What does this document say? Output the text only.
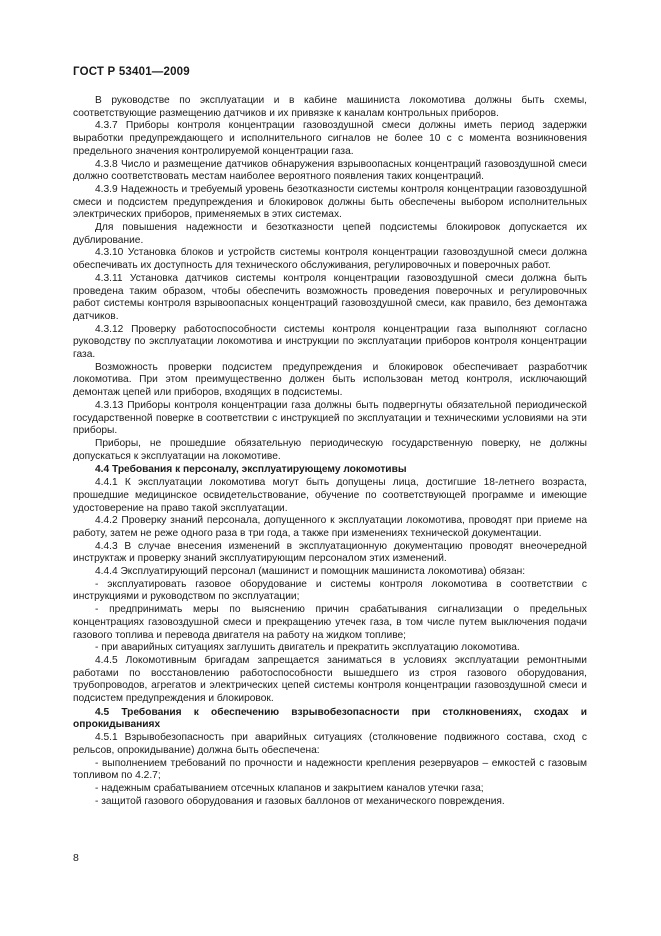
ГОСТ Р 53401—2009

В руководстве по эксплуатации и в кабине машиниста локомотива должны быть схемы, соответствующие размещению датчиков и их привязке к каналам контрольных приборов.

4.3.7 Приборы контроля концентрации газовоздушной смеси должны иметь период задержки выработки предупреждающего и исполнительного сигналов не более 10 с с момента возникновения предельного значения контролируемой концентрации газа.

4.3.8 Число и размещение датчиков обнаружения взрывоопасных концентраций газовоздушной смеси должно соответствовать местам наиболее вероятного появления таких концентраций.

4.3.9 Надежность и требуемый уровень безотказности системы контроля концентрации газовоздушной смеси и подсистем предупреждения и блокировок должны быть обеспечены выбором исполнительных электрических приборов, применяемых в этих системах.

Для повышения надежности и безотказности цепей подсистемы блокировок допускается их дублирование.

4.3.10 Установка блоков и устройств системы контроля концентрации газовоздушной смеси должна обеспечивать их доступность для технического обслуживания, регулировочных и поверочных работ.

4.3.11 Установка датчиков системы контроля концентрации газовоздушной смеси должна быть проведена таким образом, чтобы обеспечить возможность проведения поверочных и регулировочных работ системы контроля взрывоопасных концентраций газовоздушной смеси, как правило, без демонтажа датчиков.

4.3.12 Проверку работоспособности системы контроля концентрации газа выполняют согласно руководству по эксплуатации локомотива и инструкции по эксплуатации приборов контроля концентрации газа.

Возможность проверки подсистем предупреждения и блокировок обеспечивает разработчик локомотива. При этом преимущественно должен быть использован метод контроля, исключающий демонтаж цепей или приборов, входящих в подсистемы.

4.3.13 Приборы контроля концентрации газа должны быть подвергнуты обязательной периодической государственной поверке в соответствии с инструкцией по эксплуатации и техническими условиями на эти приборы.

Приборы, не прошедшие обязательную периодическую государственную поверку, не должны допускаться к эксплуатации на локомотиве.

4.4 Требования к персоналу, эксплуатирующему локомотивы

4.4.1 К эксплуатации локомотива могут быть допущены лица, достигшие 18-летнего возраста, прошедшие медицинское освидетельствование, обучение по соответствующей программе и имеющие удостоверение на право такой эксплуатации.

4.4.2 Проверку знаний персонала, допущенного к эксплуатации локомотива, проводят при приеме на работу, затем не реже одного раза в три года, а также при изменениях технической документации.

4.4.3 В случае внесения изменений в эксплуатационную документацию проводят внеочередной инструктаж и проверку знаний эксплуатирующим персоналом этих изменений.

4.4.4 Эксплуатирующий персонал (машинист и помощник машиниста локомотива) обязан:

- эксплуатировать газовое оборудование и системы контроля локомотива в соответствии с инструкциями и руководством по эксплуатации;

- предпринимать меры по выяснению причин срабатывания сигнализации о предельных концентрациях газовоздушной смеси и прекращению утечек газа, в том числе путем выключения подачи газового топлива и перевода двигателя на работу на жидком топливе;

- при аварийных ситуациях заглушить двигатель и прекратить эксплуатацию локомотива.

4.4.5 Локомотивным бригадам запрещается заниматься в условиях эксплуатации ремонтными работами по восстановлению работоспособности вышедшего из строя газового оборудования, трубопроводов, агрегатов и электрических цепей системы контроля концентрации газовоздушной смеси и подсистем предупреждения и блокировок.

4.5 Требования к обеспечению взрывобезопасности при столкновениях, сходах и опрокидываниях

4.5.1 Взрывобезопасность при аварийных ситуациях (столкновение подвижного состава, сход с рельсов, опрокидывание) должна быть обеспечена:

- выполнением требований по прочности и надежности крепления резервуаров – емкостей с газовым топливом по 4.2.7;

- надежным срабатыванием отсечных клапанов и закрытием каналов утечки газа;

- защитой газового оборудования и газовых баллонов от механического повреждения.

8
